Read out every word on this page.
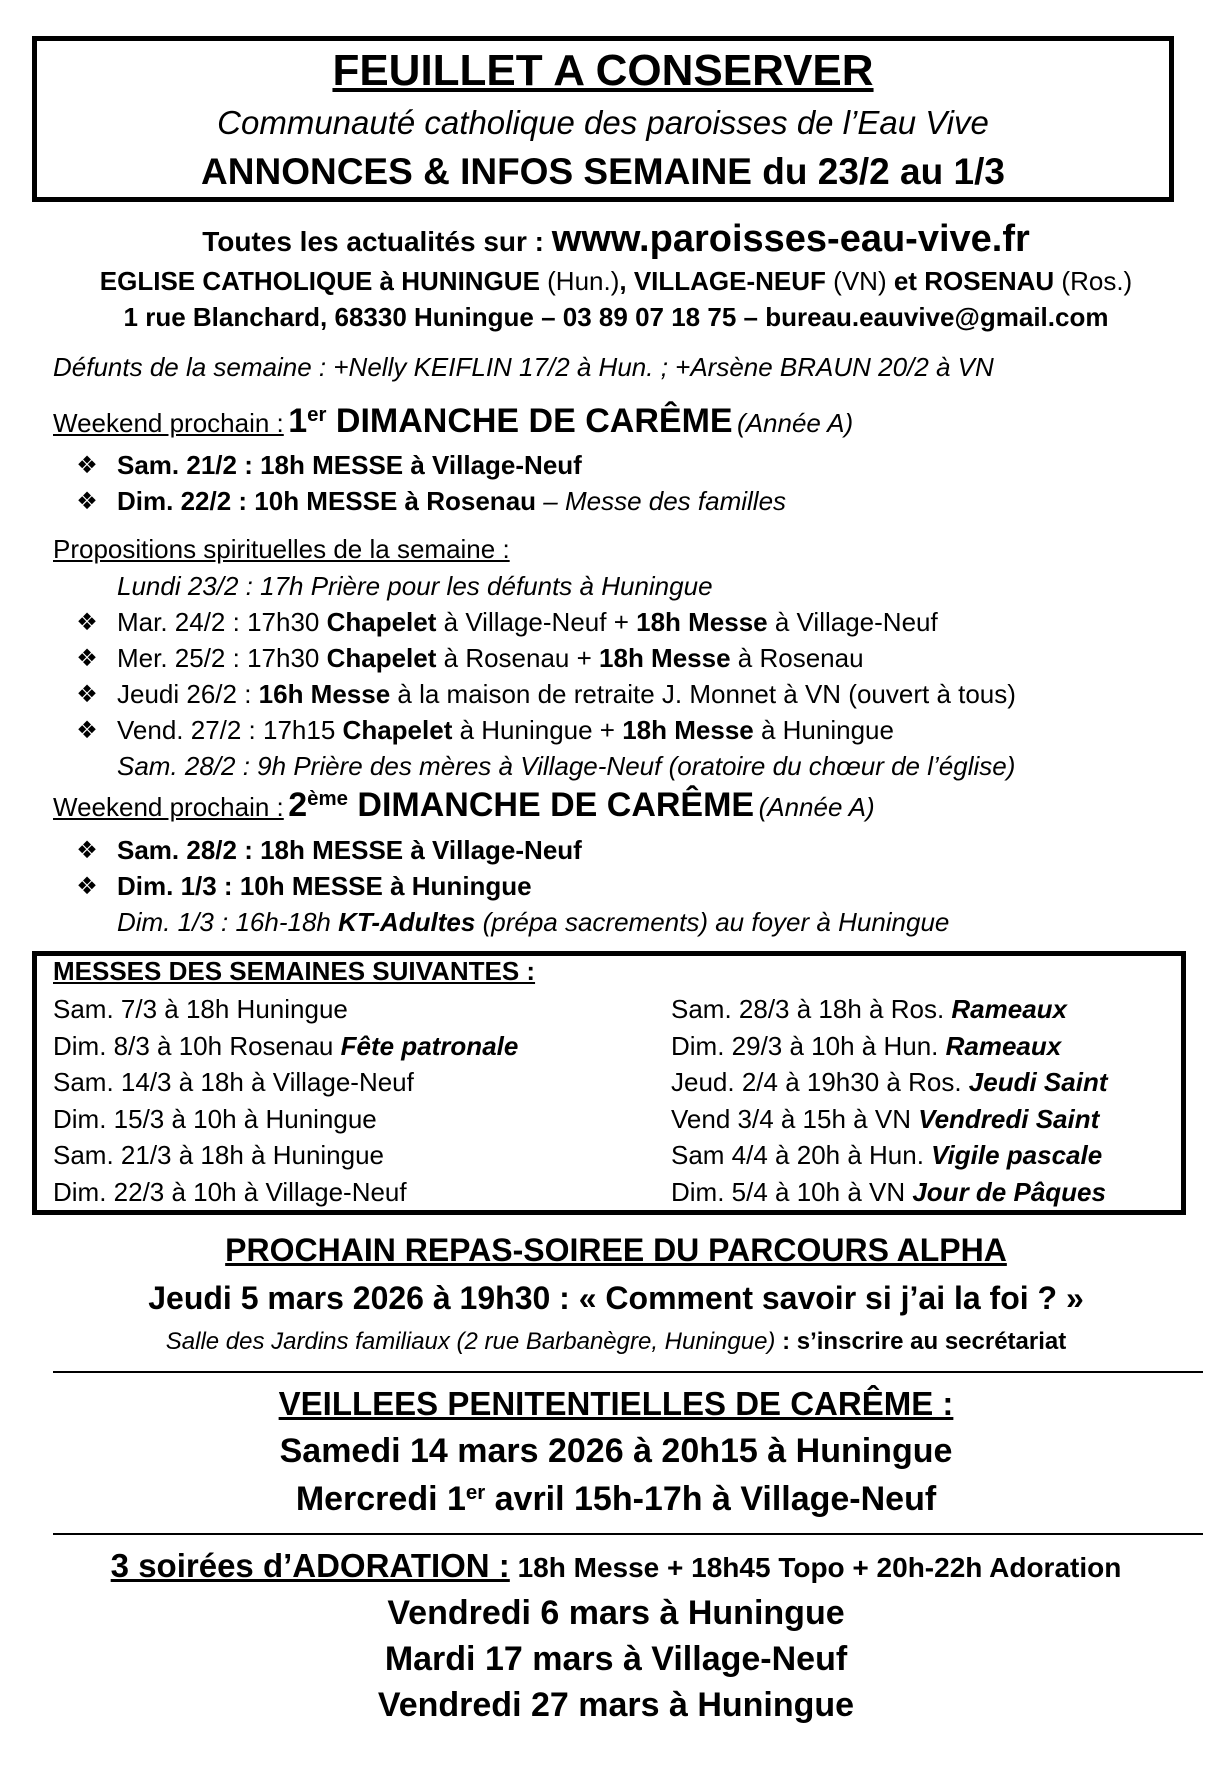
FEUILLET A CONSERVER
Communauté catholique des paroisses de l’Eau Vive
ANNONCES & INFOS SEMAINE du 23/2 au 1/3
Toutes les actualités sur : www.paroisses-eau-vive.fr
EGLISE CATHOLIQUE à HUNINGUE (Hun.), VILLAGE-NEUF (VN) et ROSENAU (Ros.)
1 rue Blanchard, 68330 Huningue – 03 89 07 18 75 – bureau.eauvive@gmail.com
Défunts de la semaine : +Nelly KEIFLIN 17/2 à Hun. ; +Arsène BRAUN 20/2 à VN
Weekend prochain : 1er DIMANCHE DE CARÊME (Année A)
❖ Sam. 21/2 : 18h MESSE à Village-Neuf
❖ Dim. 22/2 : 10h MESSE à Rosenau – Messe des familles
Propositions spirituelles de la semaine :
Lundi 23/2 : 17h Prière pour les défunts à Huningue
❖ Mar. 24/2 : 17h30 Chapelet à Village-Neuf + 18h Messe à Village-Neuf
❖ Mer. 25/2 : 17h30 Chapelet à Rosenau + 18h Messe à Rosenau
❖ Jeudi 26/2 : 16h Messe à la maison de retraite J. Monnet à VN (ouvert à tous)
❖ Vend. 27/2 : 17h15 Chapelet à Huningue + 18h Messe à Huningue
Sam. 28/2 : 9h Prière des mères à Village-Neuf (oratoire du chœur de l’église)
Weekend prochain : 2ème DIMANCHE DE CARÊME (Année A)
❖ Sam. 28/2 : 18h MESSE à Village-Neuf
❖ Dim. 1/3 : 10h MESSE à Huningue
Dim. 1/3 : 16h-18h KT-Adultes (prépa sacrements) au foyer à Huningue
MESSES DES SEMAINES SUIVANTES :
Sam. 7/3 à 18h Huningue
Dim. 8/3 à 10h Rosenau Fête patronale
Sam. 14/3 à 18h à Village-Neuf
Dim. 15/3 à 10h à Huningue
Sam. 21/3 à 18h à Huningue
Dim. 22/3 à 10h à Village-Neuf
Sam. 28/3 à 18h à Ros. Rameaux
Dim. 29/3 à 10h à Hun. Rameaux
Jeud. 2/4 à 19h30 à Ros. Jeudi Saint
Vend 3/4 à 15h à VN Vendredi Saint
Sam 4/4 à 20h à Hun. Vigile pascale
Dim. 5/4 à 10h à VN Jour de Pâques
PROCHAIN REPAS-SOIREE DU PARCOURS ALPHA
Jeudi 5 mars 2026 à 19h30 : « Comment savoir si j’ai la foi ? »
Salle des Jardins familiaux (2 rue Barbanègre, Huningue) : s’inscrire au secrétariat
VEILLEES PENITENTIELLES DE CARÊME :
Samedi 14 mars 2026 à 20h15 à Huningue
Mercredi 1er avril 15h-17h à Village-Neuf
3 soirées d’ADORATION : 18h Messe + 18h45 Topo + 20h-22h Adoration
Vendredi 6 mars à Huningue
Mardi 17 mars à Village-Neuf
Vendredi 27 mars à Huningue
